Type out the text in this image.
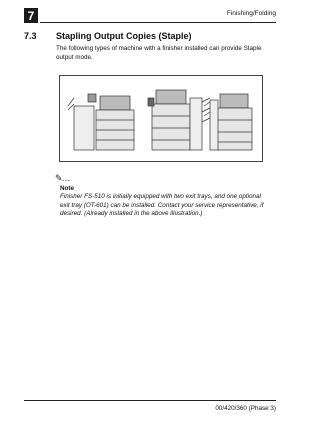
7	Finishing/Folding
7.3 Stapling Output Copies (Staple)
The following types of machine with a finisher installed can provide Staple output mode.
✎…
Note
Finisher FS-510 is initially equipped with two exit trays, and one optional exit tray (OT-601) can be installed. Contact your service representative, if desired. (Already installed in the above illustration.)
00/420/360 (Phase 3)
